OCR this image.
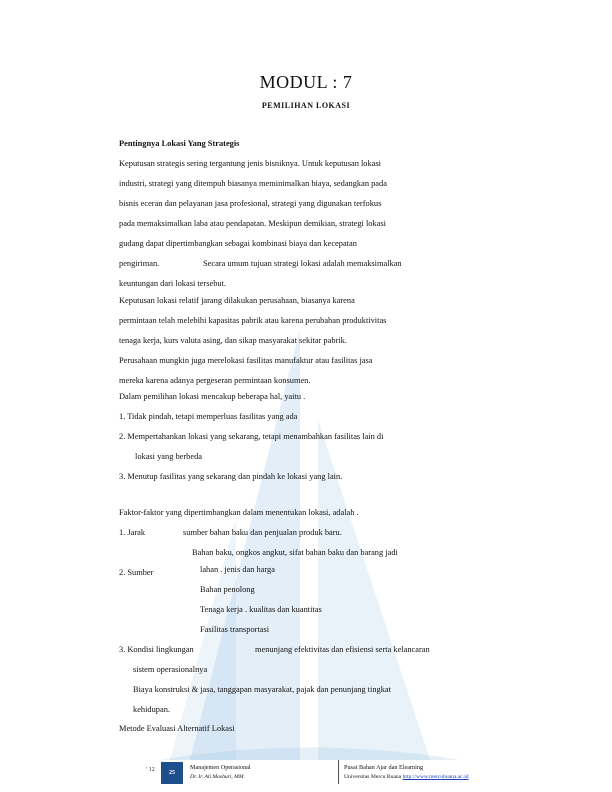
MODUL : 7
PEMILIHAN LOKASI
Pentingnya Lokasi Yang Strategis
Keputusan strategis sering tergantung jenis bisniknya. Untuk keputusan lokasi
industri, strategi yang ditempuh biasanya meminimalkan biaya, sedangkan pada
bisnis eceran dan pelayanan jasa profesional, strategi yang digunakan terfokus
pada memaksimalkan laba atau pendapatan. Meskipun demikian, strategi lokasi
gudang dapat dipertimbangkan sebagai kombinasi biaya dan kecepatan
pengiriman.	Secara umum tujuan strategi lokasi adalah memaksimalkan
keuntungan dari lokasi tersebut.
Keputusan lokasi relatif jarang dilakukan perusahaan, biasanya karena
permintaan telah melebihi kapasitas pabrik atau karena perubahan produktivitas
tenaga kerja, kurs valuta asing, dan sikap masyarakat sekitar pabrik.
Perusahaan mungkin juga merelokasi fasilitas manufaktur atau fasilitas jasa
mereka karena adanya pergeseran permintaan konsumen.
Dalam pemilihan lokasi mencakup beberapa hal, yaitu .
1. Tidak pindah, tetapi memperluas fasilitas yang ada
2. Mempertahankan lokasi yang sekarang, tetapi menambahkan fasilitas lain di
lokasi yang berbeda
3. Menutup fasilitas yang sekarang dan pindah ke lokasi yang lain.
Faktor-faktor yang dipertimbangkan dalam menentukan lokasi, adalah .
1. Jarak	sumber bahan baku dan penjualan produk baru.
Bahan baku, ongkos angkut, sifat bahan baku dan barang jadi
2. Sumber	lahan . jenis dan harga
Bahan penolong
Tenaga kerja . kualitas dan kuantitas
Fasilitas transportasi
3. Kondisi lingkungan	menunjang efektivitas dan efisiensi serta kelancaran
sistem operasionalnya
Biaya konstruksi & jasa, tanggapan masyarakat, pajak dan penunjang tingkat
kehidupan.
Metode Evaluasi Alternatif Lokasi
' 12	25
Manajemen Operasional
Dr. Ir. Ali Mashuri, MM.
Pusat Bahan Ajar dan Elearning
Universitas Mercu Buana http://www.mercubuana.ac.id
